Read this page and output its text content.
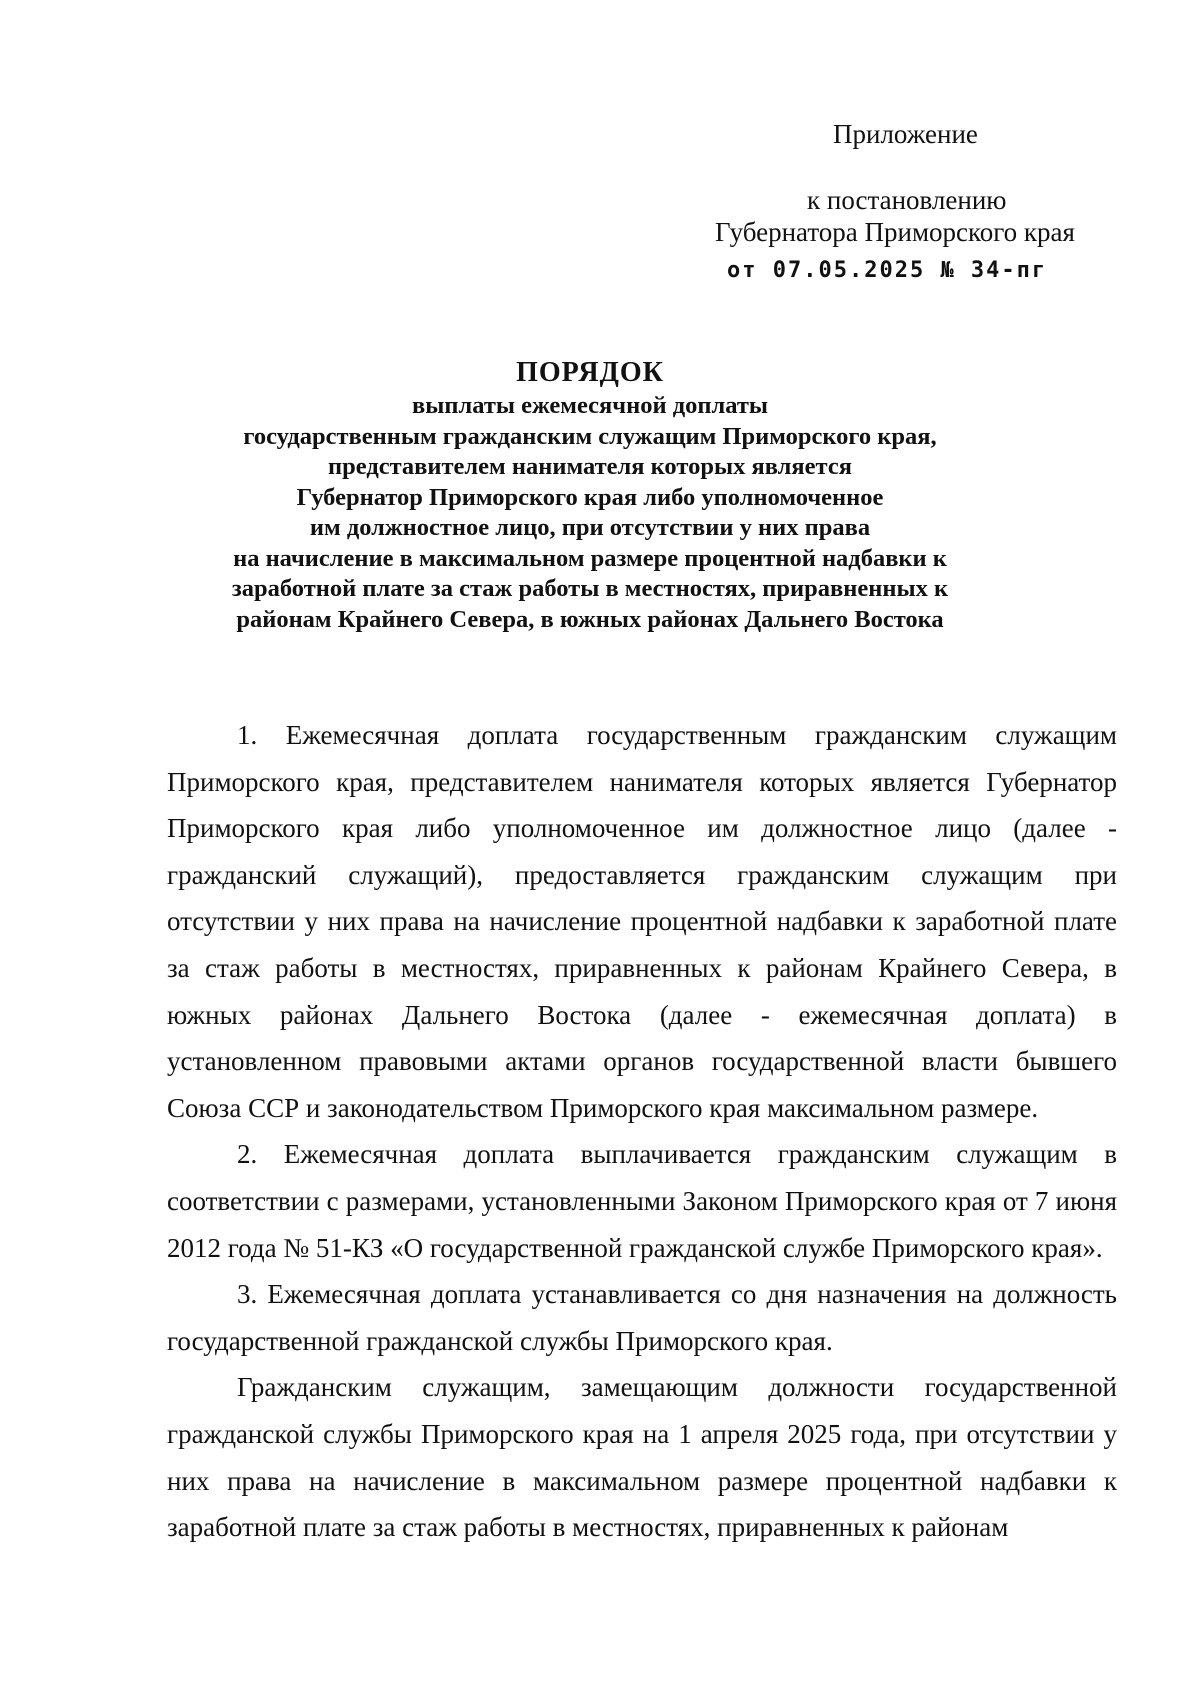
Приложение
к постановлению
Губернатора Приморского края
от 07.05.2025 № 34-пг
ПОРЯДОК
выплаты ежемесячной доплаты
государственным гражданским служащим Приморского края,
представителем нанимателя которых является
Губернатор Приморского края либо уполномоченное
им должностное лицо, при отсутствии у них права
на начисление в максимальном размере процентной надбавки к
заработной плате за стаж работы в местностях, приравненных к
районам Крайнего Севера, в южных районах Дальнего Востока

1. Ежемесячная доплата государственным гражданским служащим Приморского края, представителем нанимателя которых является Губернатор Приморского края либо уполномоченное им должностное лицо (далее - гражданский служащий), предоставляется гражданским служащим при отсутствии у них права на начисление процентной надбавки к заработной плате за стаж работы в местностях, приравненных к районам Крайнего Севера, в южных районах Дальнего Востока (далее - ежемесячная доплата) в установленном правовыми актами органов государственной власти бывшего Союза ССР и законодательством Приморского края максимальном размере.

2. Ежемесячная доплата выплачивается гражданским служащим в соответствии с размерами, установленными Законом Приморского края от 7 июня 2012 года № 51-КЗ «О государственной гражданской службе Приморского края».

3. Ежемесячная доплата устанавливается со дня назначения на должность государственной гражданской службы Приморского края.

Гражданским служащим, замещающим должности государственной гражданской службы Приморского края на 1 апреля 2025 года, при отсутствии у них права на начисление в максимальном размере процентной надбавки к заработной плате за стаж работы в местностях, приравненных к районам
